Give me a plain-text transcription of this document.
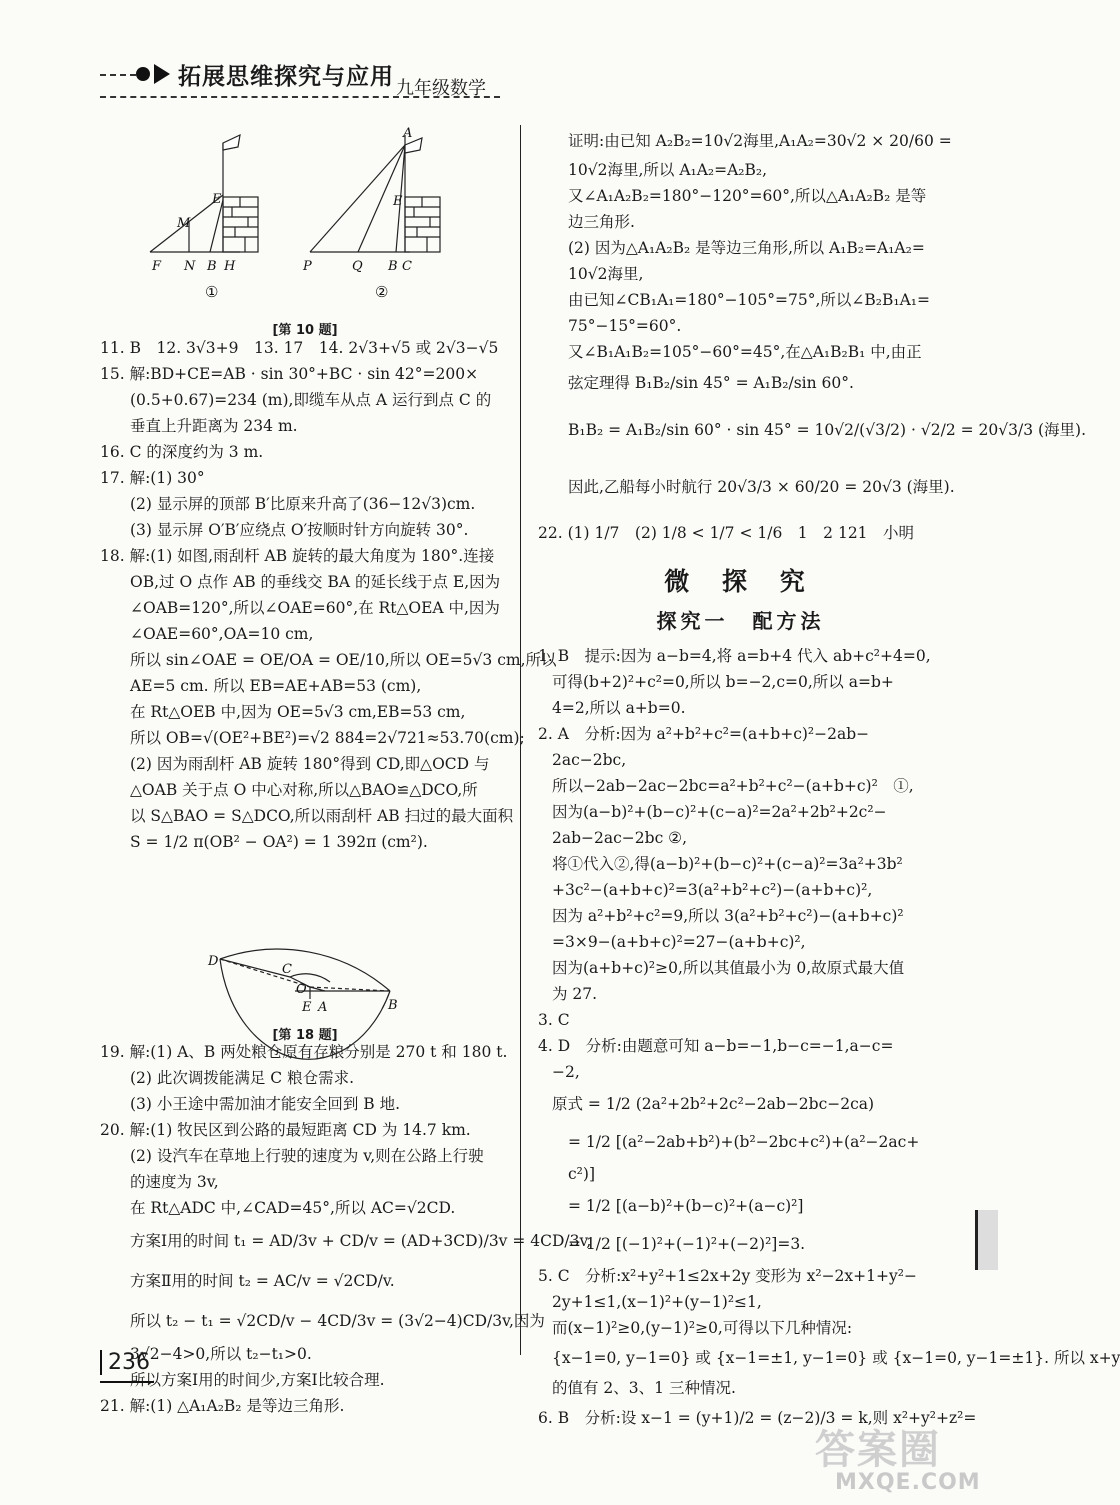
拓展思维探究与应用 九年级数学
F N B H
E
M
A
P	Q B C
E
①	②
[第 10 题]
11. B　12. 3√3+9　13. 17　14. 2√3+√5 或 2√3−√5
15. 解:BD+CE=AB · sin 30°+BC · sin 42°=200×
(0.5+0.67)=234 (m),即缆车从点 A 运行到点 C 的
垂直上升距离为 234 m.
16. C 的深度约为 3 m.
17. 解:(1) 30°
(2) 显示屏的顶部 B′比原来升高了(36−12√3)cm.
(3) 显示屏 O′B′应绕点 O′按顺时针方向旋转 30°.
18. 解:(1) 如图,雨刮杆 AB 旋转的最大角度为 180°.连接
OB,过 O 点作 AB 的垂线交 BA 的延长线于点 E,因为
∠OAB=120°,所以∠OAE=60°,在 Rt△OEA 中,因为
∠OAE=60°,OA=10 cm,
所以 sin∠OAE = OE/OA = OE/10,所以 OE=5√3 cm,所以
AE=5 cm. 所以 EB=AE+AB=53 (cm),
在 Rt△OEB 中,因为 OE=5√3 cm,EB=53 cm,
所以 OB=√(OE²+BE²)=√2 884=2√721≈53.70(cm);
(2) 因为雨刮杆 AB 旋转 180°得到 CD,即△OCD 与
△OAB 关于点 O 中心对称,所以△BAO≌△DCO,所
以 S△BAO = S△DCO,所以雨刮杆 AB 扫过的最大面积
S = 1/2 π(OB² − OA²) = 1 392π (cm²).
D
C
O
E A	B
[第 18 题]
19. 解:(1) A、B 两处粮仓原有存粮分别是 270 t 和 180 t.
(2) 此次调拨能满足 C 粮仓需求.
(3) 小王途中需加油才能安全回到 B 地.
20. 解:(1) 牧民区到公路的最短距离 CD 为 14.7 km.
(2) 设汽车在草地上行驶的速度为 v,则在公路上行驶
的速度为 3v,
在 Rt△ADC 中,∠CAD=45°,所以 AC=√2CD.
方案Ⅰ用的时间 t₁ = AD/3v + CD/v = (AD+3CD)/3v = 4CD/3v,
方案Ⅱ用的时间 t₂ = AC/v = √2CD/v.
所以 t₂ − t₁ = √2CD/v − 4CD/3v = (3√2−4)CD/3v,因为
3√2−4>0,所以 t₂−t₁>0.
所以方案Ⅰ用的时间少,方案Ⅰ比较合理.
21. 解:(1) △A₁A₂B₂ 是等边三角形.
证明:由已知 A₂B₂=10√2海里,A₁A₂=30√2 × 20/60 =
10√2海里,所以 A₁A₂=A₂B₂,
又∠A₁A₂B₂=180°−120°=60°,所以△A₁A₂B₂ 是等
边三角形.
(2) 因为△A₁A₂B₂ 是等边三角形,所以 A₁B₂=A₁A₂=
10√2海里,
由已知∠CB₁A₁=180°−105°=75°,所以∠B₂B₁A₁=
75°−15°=60°.
又∠B₁A₁B₂=105°−60°=45°,在△A₁B₂B₁ 中,由正
弦定理得 B₁B₂/sin 45° = A₁B₂/sin 60°.
B₁B₂ = A₁B₂/sin 60° · sin 45° = 10√2/(√3/2) · √2/2 = 20√3/3 (海里).
因此,乙船每小时航行 20√3/3 × 60/20 = 20√3 (海里).
22. (1) 1/7　(2) 1/8 < 1/7 < 1/6　1　2 121　小明
微 探 究
探究一　配方法
1. B　提示:因为 a−b=4,将 a=b+4 代入 ab+c²+4=0,
可得(b+2)²+c²=0,所以 b=−2,c=0,所以 a=b+
4=2,所以 a+b=0.
2. A　分析:因为 a²+b²+c²=(a+b+c)²−2ab−
2ac−2bc,
所以−2ab−2ac−2bc=a²+b²+c²−(a+b+c)²　①,
因为(a−b)²+(b−c)²+(c−a)²=2a²+2b²+2c²−
2ab−2ac−2bc ②,
将①代入②,得(a−b)²+(b−c)²+(c−a)²=3a²+3b²
+3c²−(a+b+c)²=3(a²+b²+c²)−(a+b+c)²,
因为 a²+b²+c²=9,所以 3(a²+b²+c²)−(a+b+c)²
=3×9−(a+b+c)²=27−(a+b+c)²,
因为(a+b+c)²≥0,所以其值最小为 0,故原式最大值
为 27.
3. C
4. D　分析:由题意可知 a−b=−1,b−c=−1,a−c=
−2,
原式 = 1/2 (2a²+2b²+2c²−2ab−2bc−2ca)
= 1/2 [(a²−2ab+b²)+(b²−2bc+c²)+(a²−2ac+
c²)]
= 1/2 [(a−b)²+(b−c)²+(a−c)²]
= 1/2 [(−1)²+(−1)²+(−2)²]=3.
5. C　分析:x²+y²+1≤2x+2y 变形为 x²−2x+1+y²−
2y+1≤1,(x−1)²+(y−1)²≤1,
而(x−1)²≥0,(y−1)²≥0,可得以下几种情况:
{x−1=0, y−1=0} 或 {x−1=±1, y−1=0} 或 {x−1=0, y−1=±1}. 所以 x+y
的值有 2、3、1 三种情况.
6. B　分析:设 x−1 = (y+1)/2 = (z−2)/3 = k,则 x²+y²+z²=
236
答案圈
MXQE.COM
